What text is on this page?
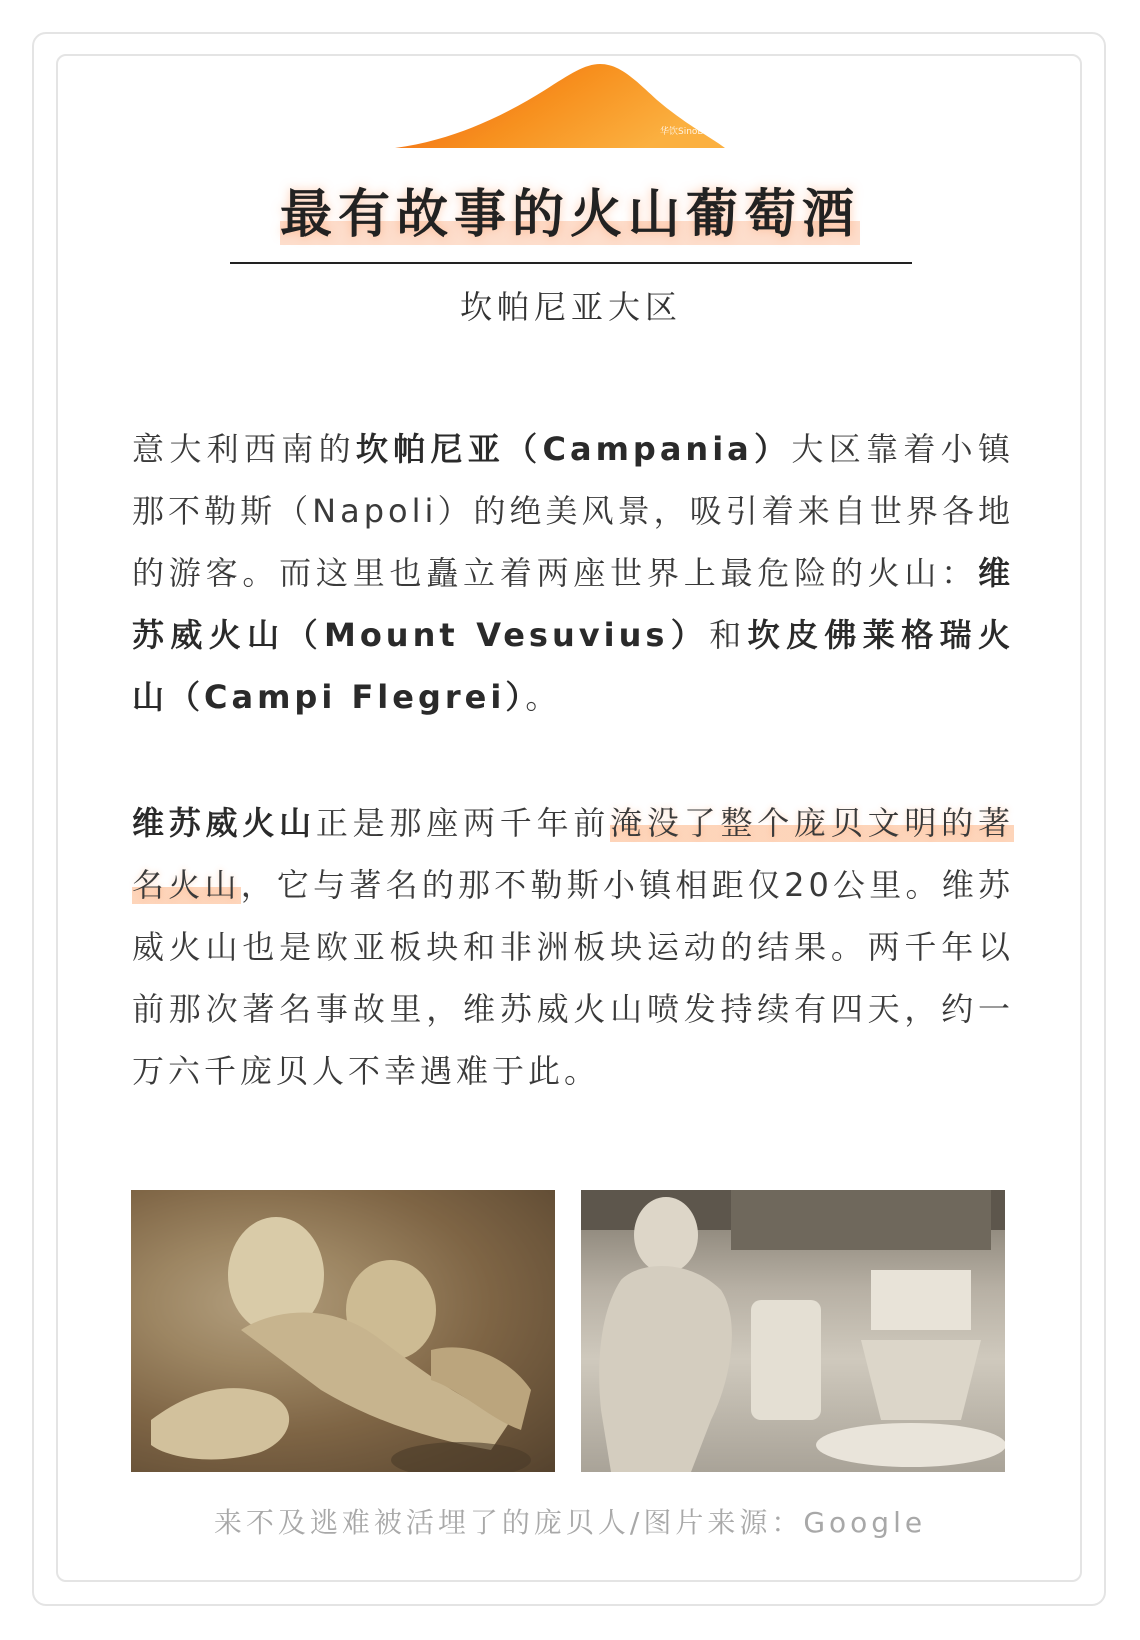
华饮SinoDrinks
最有故事的火山葡萄酒
坎帕尼亚大区

意大利西南的坎帕尼亚（Campania）大区靠着小镇那不勒斯（Napoli）的绝美风景，吸引着来自世界各地的游客。而这里也矗立着两座世界上最危险的火山：维苏威火山（Mount Vesuvius）和坎皮佛莱格瑞火山（Campi Flegrei）。

维苏威火山正是那座两千年前淹没了整个庞贝文明的著名火山，它与著名的那不勒斯小镇相距仅20公里。维苏威火山也是欧亚板块和非洲板块运动的结果。两千年以前那次著名事故里，维苏威火山喷发持续有四天，约一万六千庞贝人不幸遇难于此。

来不及逃难被活埋了的庞贝人/图片来源：Google
